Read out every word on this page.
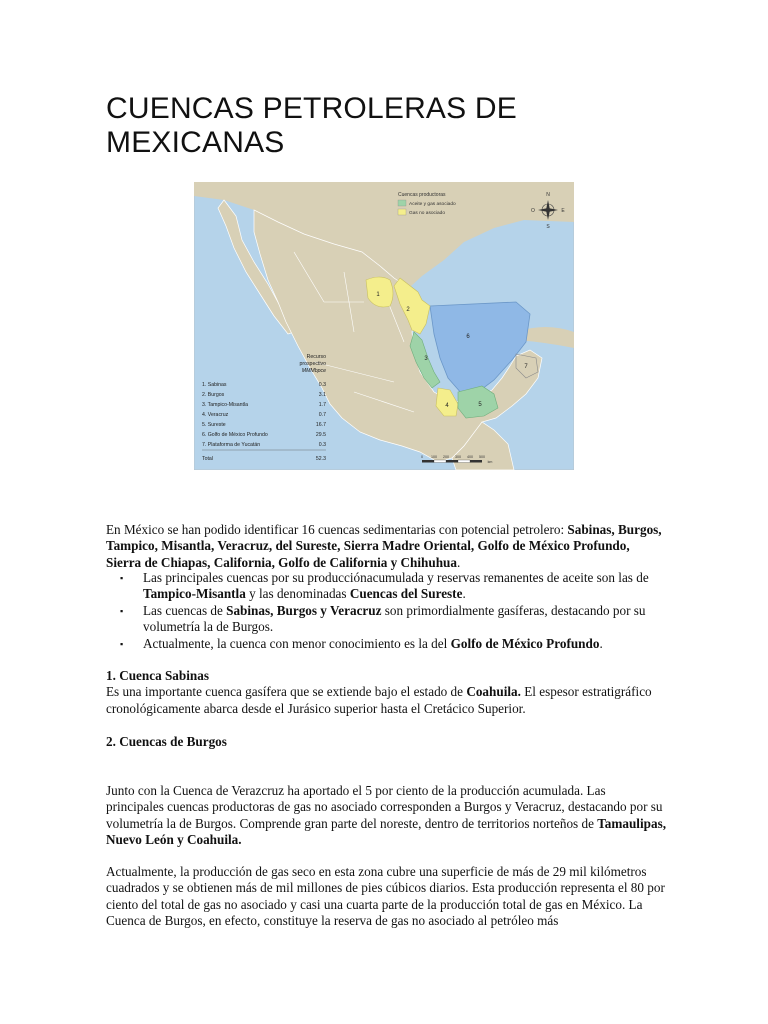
CUENCAS PETROLERAS DE MEXICANAS
1
2
3
4	5
6
7
Cuencas productoras
Aceite y gas asociado
Gas no asociado
N
S
E
O
Recurso
prospectivo
MMMbpce
1. Sabinas	0.3
2. Burgos	3.1
3. Tampico-Misantla	1.7
4. Veracruz	0.7
5. Sureste	16.7
6. Golfo de México Profundo	29.5
7. Plataforma de Yucatán	0.3
Total	52.3	0 100 200 300 400 500
km
En México se han podido identificar 16 cuencas sedimentarias con potencial petrolero: Sabinas, Burgos, Tampico, Misantla, Veracruz, del Sureste, Sierra Madre Oriental, Golfo de México Profundo, Sierra de Chiapas, California, Golfo de California y Chihuhua.
▪ Las principales cuencas por su producciónacumulada y reservas remanentes de aceite son las de Tampico-Misantla y las denominadas Cuencas del Sureste.
▪ Las cuencas de Sabinas, Burgos y Veracruz son primordialmente gasíferas, destacando por su volumetría la de Burgos.
▪ Actualmente, la cuenca con menor conocimiento es la del Golfo de México Profundo.
1. Cuenca Sabinas
Es una importante cuenca gasífera que se extiende bajo el estado de Coahuila. El espesor estratigráfico cronológicamente abarca desde el Jurásico superior hasta el Cretácico Superior.
2. Cuencas de Burgos
Junto con la Cuenca de Verazcruz ha aportado el 5 por ciento de la producción acumulada. Las principales cuencas productoras de gas no asociado corresponden a Burgos y Veracruz, destacando por su volumetría la de Burgos. Comprende gran parte del noreste, dentro de territorios norteños de Tamaulipas, Nuevo León y Coahuila.
Actualmente, la producción de gas seco en esta zona cubre una superficie de más de 29 mil kilómetros cuadrados y se obtienen más de mil millones de pies cúbicos diarios. Esta producción representa el 80 por ciento del total de gas no asociado y casi una cuarta parte de la producción total de gas en México. La Cuenca de Burgos, en efecto, constituye la reserva de gas no asociado al petróleo más
